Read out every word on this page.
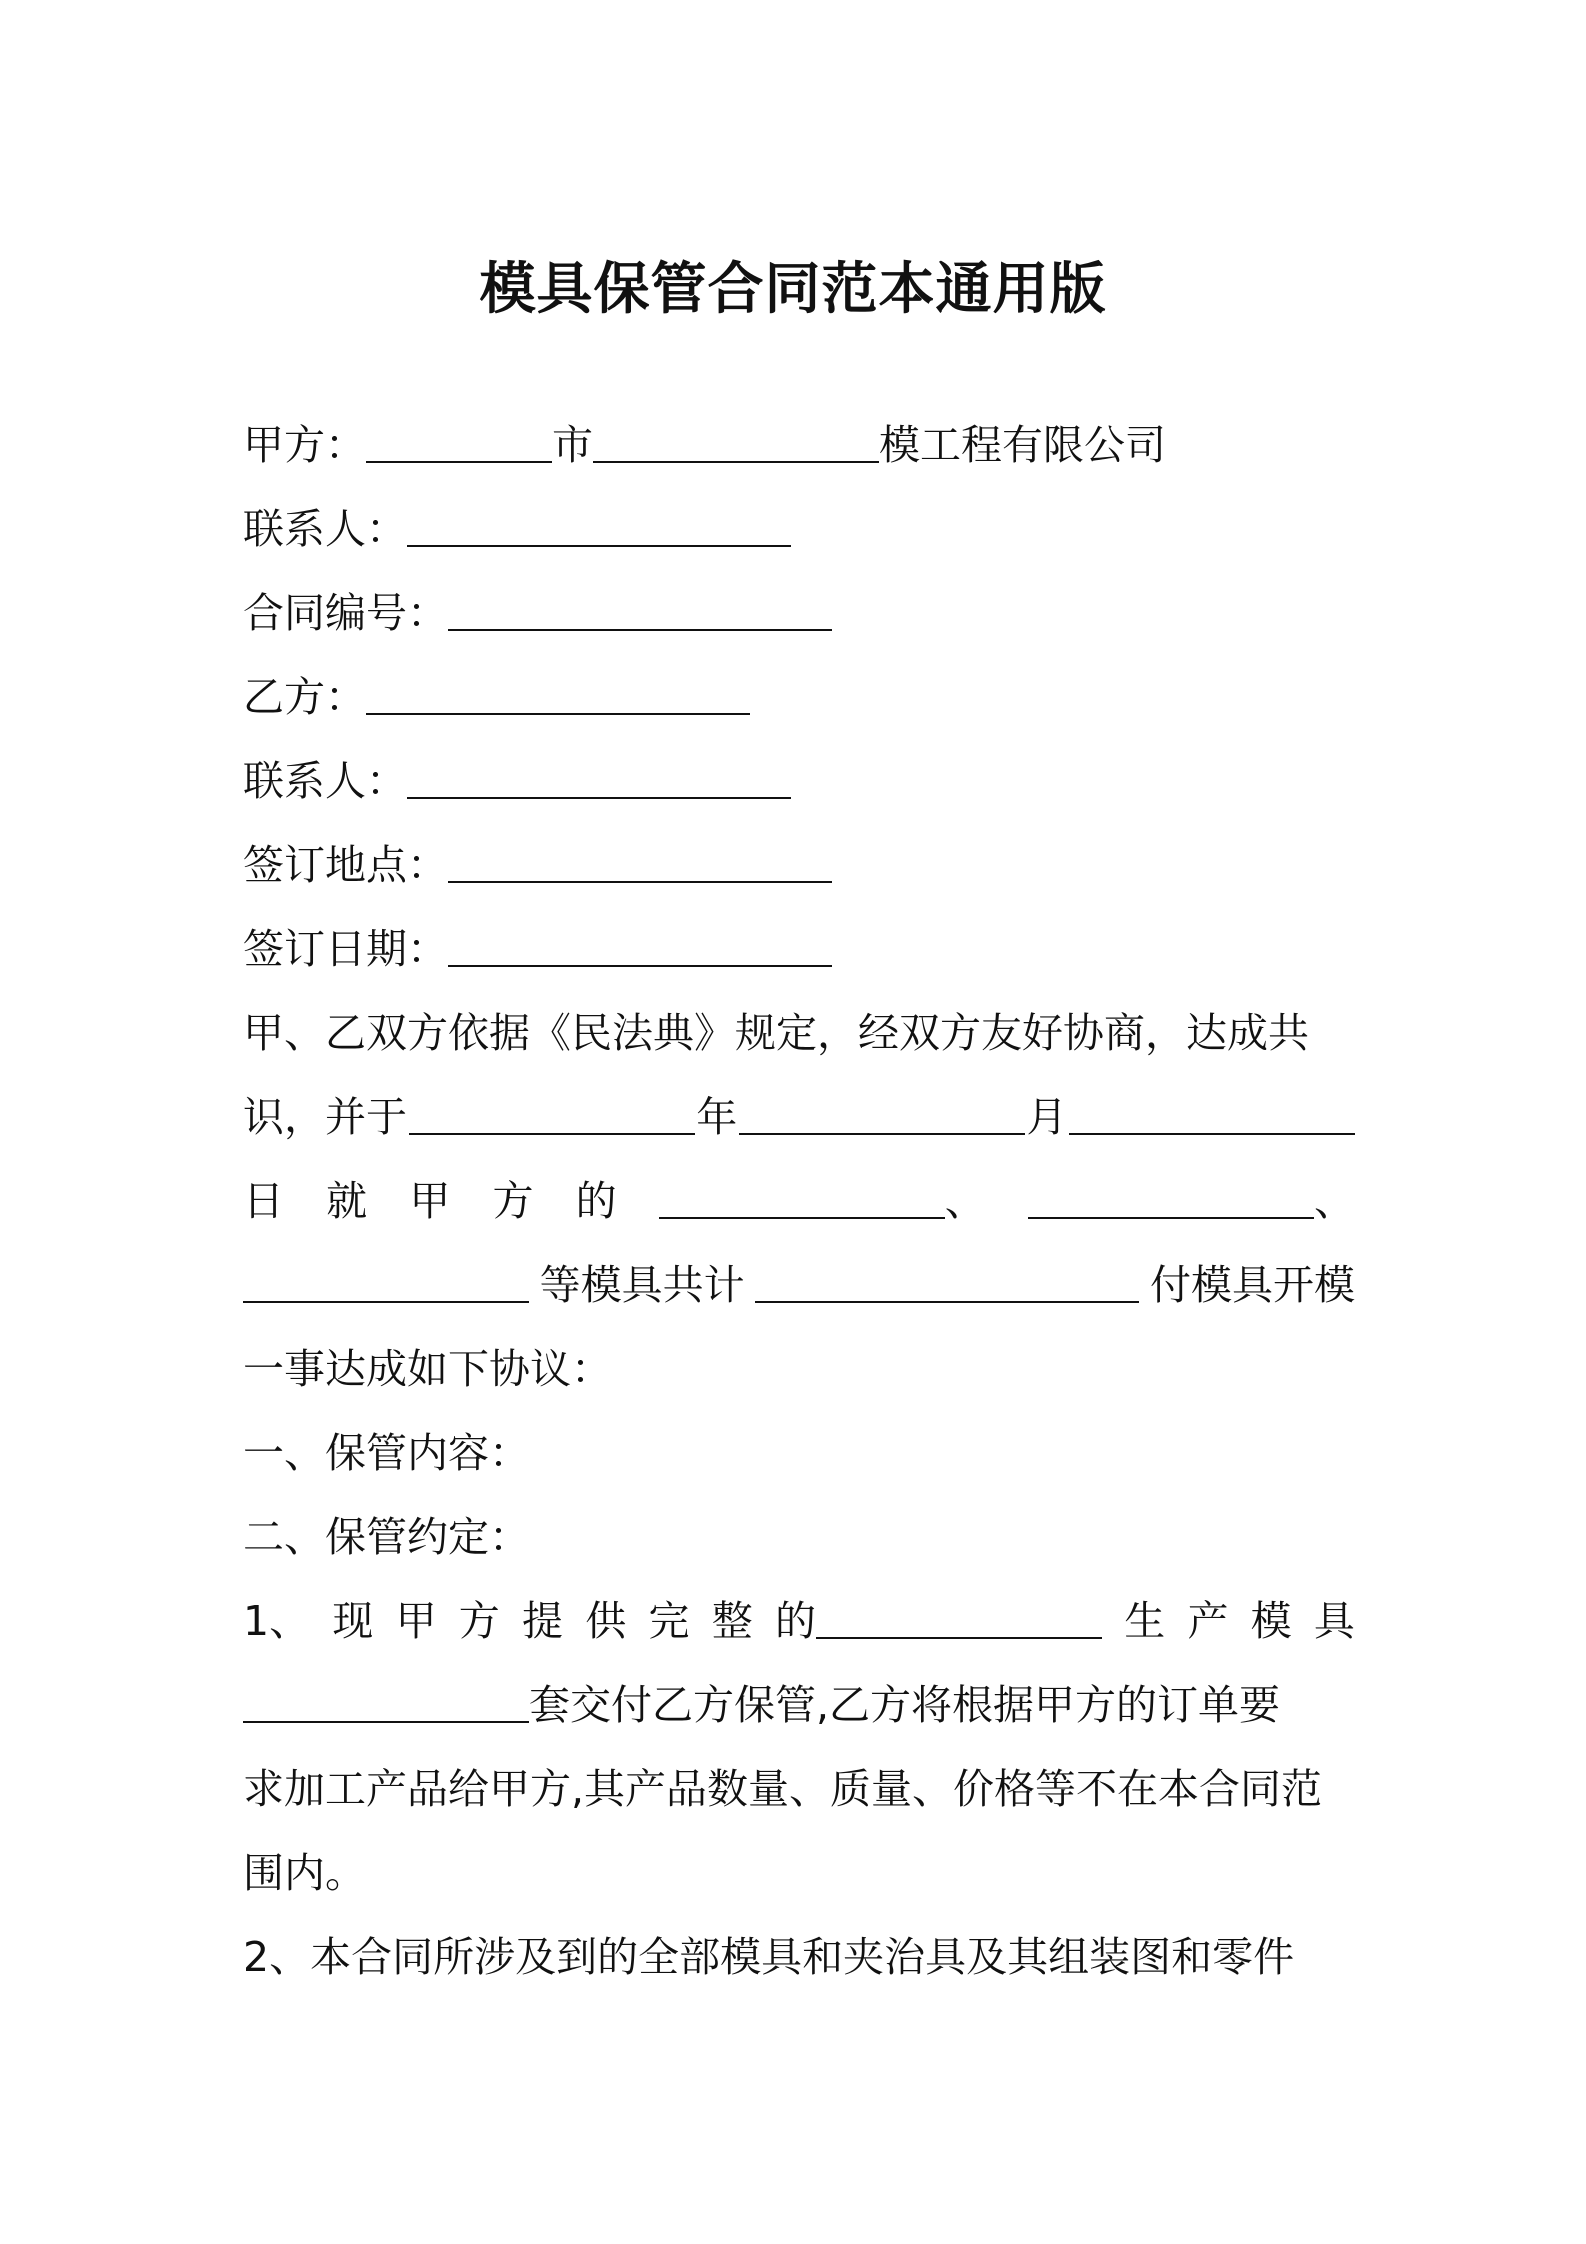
模具保管合同范本通用版
甲方：	市	模工程有限公司
联系人：
合同编号：
乙方：
联系人：
签订地点：
签订日期：
甲、乙双方依据《民法典》规定，经双方友好协商，达成共
识，并于	年	月
日 就 甲 方 的	、	、
等模具共计	付模具开模
一事达成如下协议：
一、保管内容：
二、保管约定：
1、 现 甲 方 提 供 完 整 的	生 产 模 具
套交付乙方保管,乙方将根据甲方的订单要
求加工产品给甲方,其产品数量、质量、价格等不在本合同范
围内。
2、本合同所涉及到的全部模具和夹治具及其组装图和零件
